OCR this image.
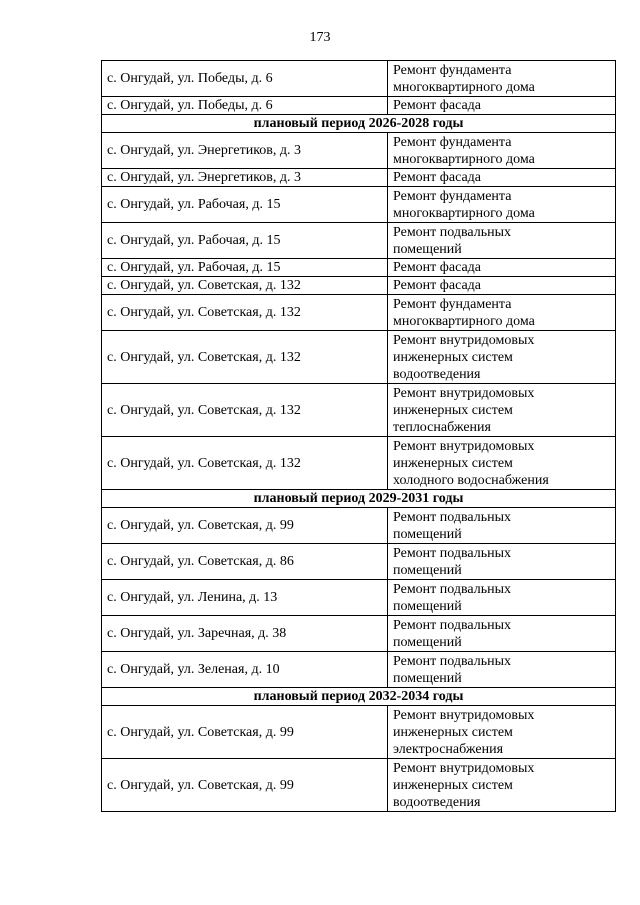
173
с. Онгудай, ул. Победы, д. 6	Ремонт фундамента
многоквартирного дома
с. Онгудай, ул. Победы, д. 6	Ремонт фасада
плановый период 2026-2028 годы	
с. Онгудай, ул. Энергетиков, д. 3	Ремонт фундамента
многоквартирного дома
с. Онгудай, ул. Энергетиков, д. 3	Ремонт фасада
с. Онгудай, ул. Рабочая, д. 15	Ремонт фундамента
многоквартирного дома
с. Онгудай, ул. Рабочая, д. 15	Ремонт подвальных
помещений
с. Онгудай, ул. Рабочая, д. 15	Ремонт фасада
с. Онгудай, ул. Советская, д. 132	Ремонт фасада
с. Онгудай, ул. Советская, д. 132	Ремонт фундамента
многоквартирного дома
с. Онгудай, ул. Советская, д. 132	Ремонт внутридомовых
инженерных систем
водоотведения
с. Онгудай, ул. Советская, д. 132	Ремонт внутридомовых
инженерных систем
теплоснабжения
с. Онгудай, ул. Советская, д. 132	Ремонт внутридомовых
инженерных систем
холодного водоснабжения
плановый период 2029-2031 годы	
с. Онгудай, ул. Советская, д. 99	Ремонт подвальных
помещений
с. Онгудай, ул. Советская, д. 86	Ремонт подвальных
помещений
с. Онгудай, ул. Ленина, д. 13	Ремонт подвальных
помещений
с. Онгудай, ул. Заречная, д. 38	Ремонт подвальных
помещений
с. Онгудай, ул. Зеленая, д. 10	Ремонт подвальных
помещений
плановый период 2032-2034 годы	
с. Онгудай, ул. Советская, д. 99	Ремонт внутридомовых
инженерных систем
электроснабжения
с. Онгудай, ул. Советская, д. 99	Ремонт внутридомовых
инженерных систем
водоотведения
